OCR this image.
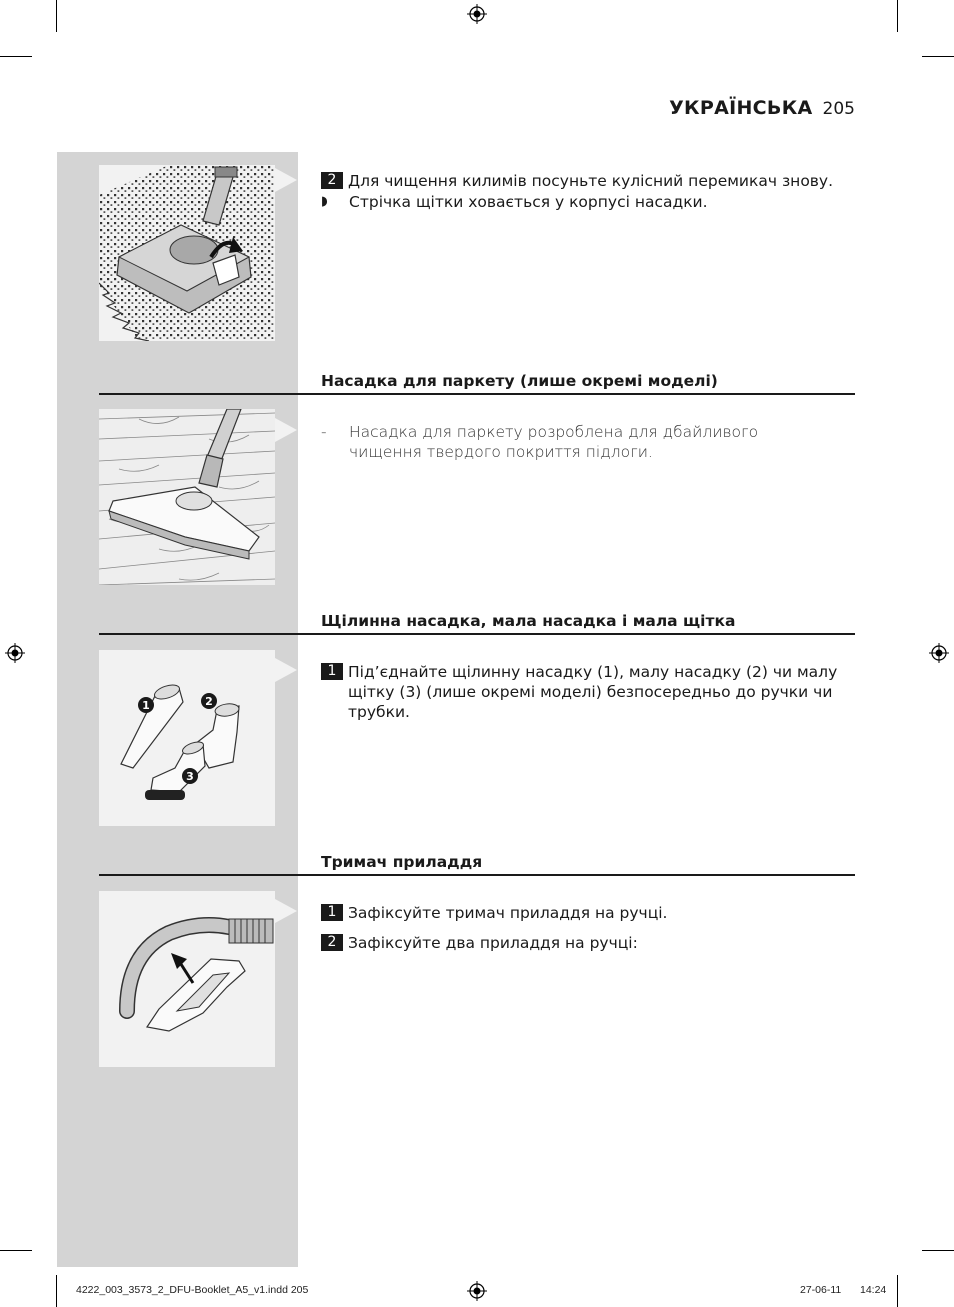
УКРАЇНСЬКА 205
2 Для чищення килимів посуньте кулісний перемикач знову.
◗	Стрічка щітки ховається у корпусі насадки.
Насадка для паркету (лише окремі моделі)
-	Насадка для паркету розроблена для дбайливого чищення твердого покриття підлоги.
Щілинна насадка, мала насадка і мала щітка
1	2
3
1 Під’єднайте щілинну насадку (1), малу насадку (2) чи малу щітку (3) (лише окремі моделі) безпосередньо до ручки чи трубки.
Тримач приладдя
1 Зафіксуйте тримач приладдя на ручці.
2 Зафіксуйте два приладдя на ручці:
4222_003_3573_2_DFU-Booklet_A5_v1.indd 205	27-06-11 14:24
